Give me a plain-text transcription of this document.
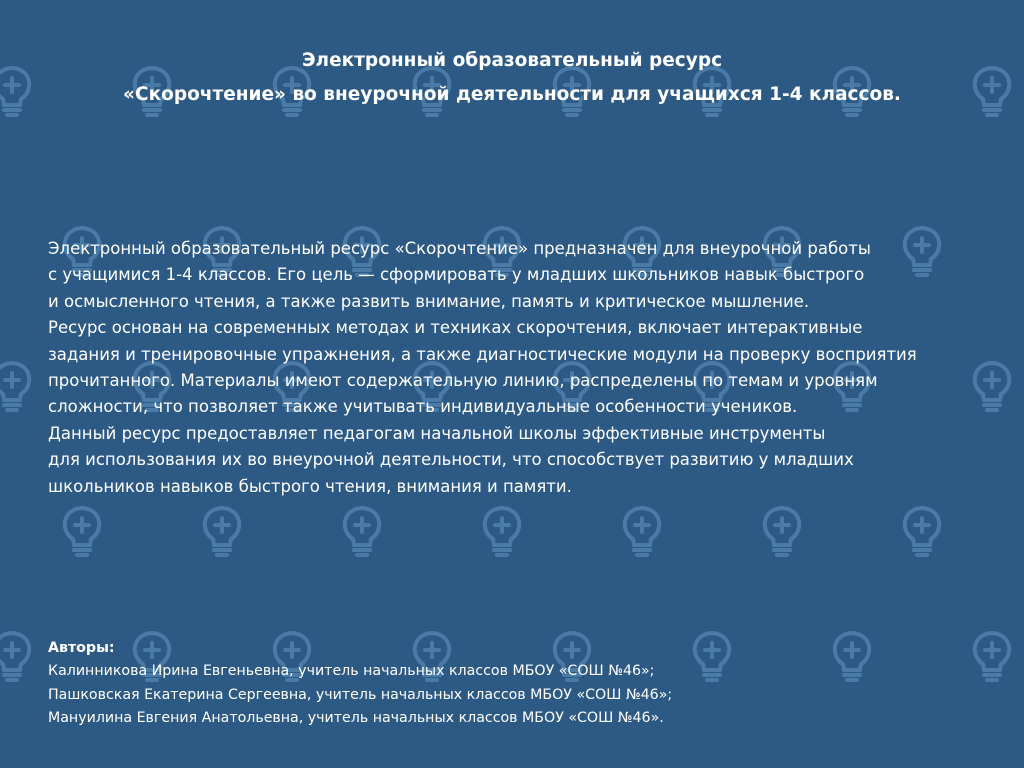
Электронный образовательный ресурс
«Скорочтение» во внеурочной деятельности для учащихся 1-4 классов.
Электронный образовательный ресурс «Скорочтение» предназначен для внеурочной работы
с учащимися 1-4 классов. Его цель — сформировать у младших школьников навык быстрого
и осмысленного чтения, а также развить внимание, память и критическое мышление.
Ресурс основан на современных методах и техниках скорочтения, включает интерактивные
задания и тренировочные упражнения, а также диагностические модули на проверку восприятия
прочитанного. Материалы имеют содержательную линию, распределены по темам и уровням
сложности, что позволяет также учитывать индивидуальные особенности учеников.
Данный ресурс предоставляет педагогам начальной школы эффективные инструменты
для использования их во внеурочной деятельности, что способствует развитию у младших
школьников навыков быстрого чтения, внимания и памяти.
Авторы:
Калинникова Ирина Евгеньевна, учитель начальных классов МБОУ «СОШ №46»;
Пашковская Екатерина Сергеевна, учитель начальных классов МБОУ «СОШ №46»;
Мануилина Евгения Анатольевна, учитель начальных классов МБОУ «СОШ №46».
